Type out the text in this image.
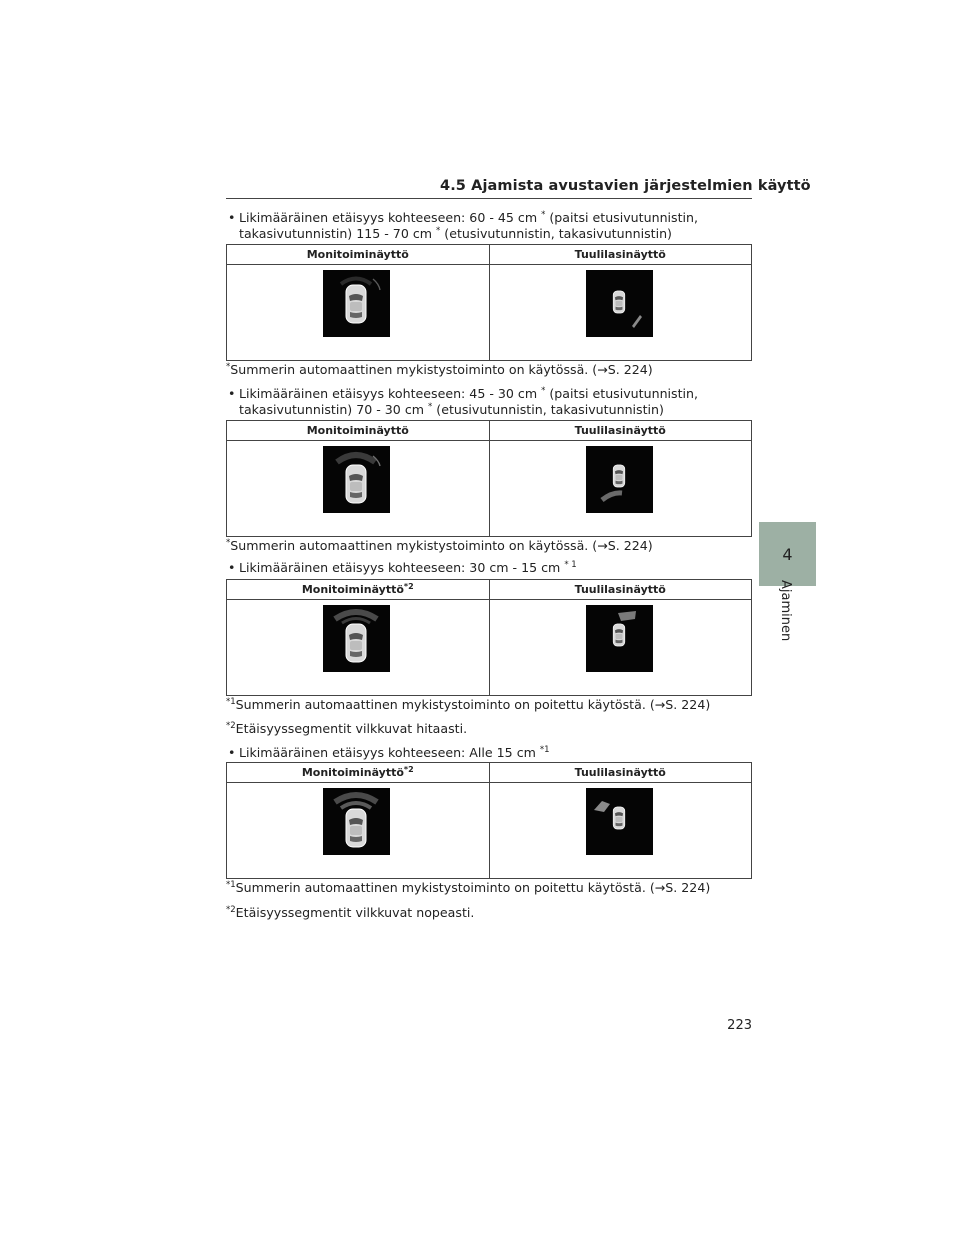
4.5 Ajamista avustavien järjestelmien käyttö
4
Ajaminen
• Likimääräinen etäisyys kohteeseen: 60 - 45 cm * (paitsi etusivutunnistin,
takasivutunnistin) 115 - 70 cm * (etusivutunnistin, takasivutunnistin)
Monitoiminäyttö	Tuulilasinäyttö
*Summerin automaattinen mykistystoiminto on käytössä. (→S. 224)
• Likimääräinen etäisyys kohteeseen: 45 - 30 cm * (paitsi etusivutunnistin,
takasivutunnistin) 70 - 30 cm * (etusivutunnistin, takasivutunnistin)
Monitoiminäyttö	Tuulilasinäyttö
*Summerin automaattinen mykistystoiminto on käytössä. (→S. 224)
• Likimääräinen etäisyys kohteeseen: 30 cm - 15 cm $^{* 1}$
Monitoiminäyttö$^{*2}$	Tuulilasinäyttö
$^{*1}$Summerin automaattinen mykistystoiminto on poitettu käytöstä. (→S. 224)
$^{*2}$Etäisyyssegmentit vilkkuvat hitaasti.
• Likimääräinen etäisyys kohteeseen: Alle 15 cm $^{*1}$
Monitoiminäyttö$^{*2}$	Tuulilasinäyttö
$^{*1}$Summerin automaattinen mykistystoiminto on poitettu käytöstä. (→S. 224)
$^{*2}$Etäisyyssegmentit vilkkuvat nopeasti.
223
